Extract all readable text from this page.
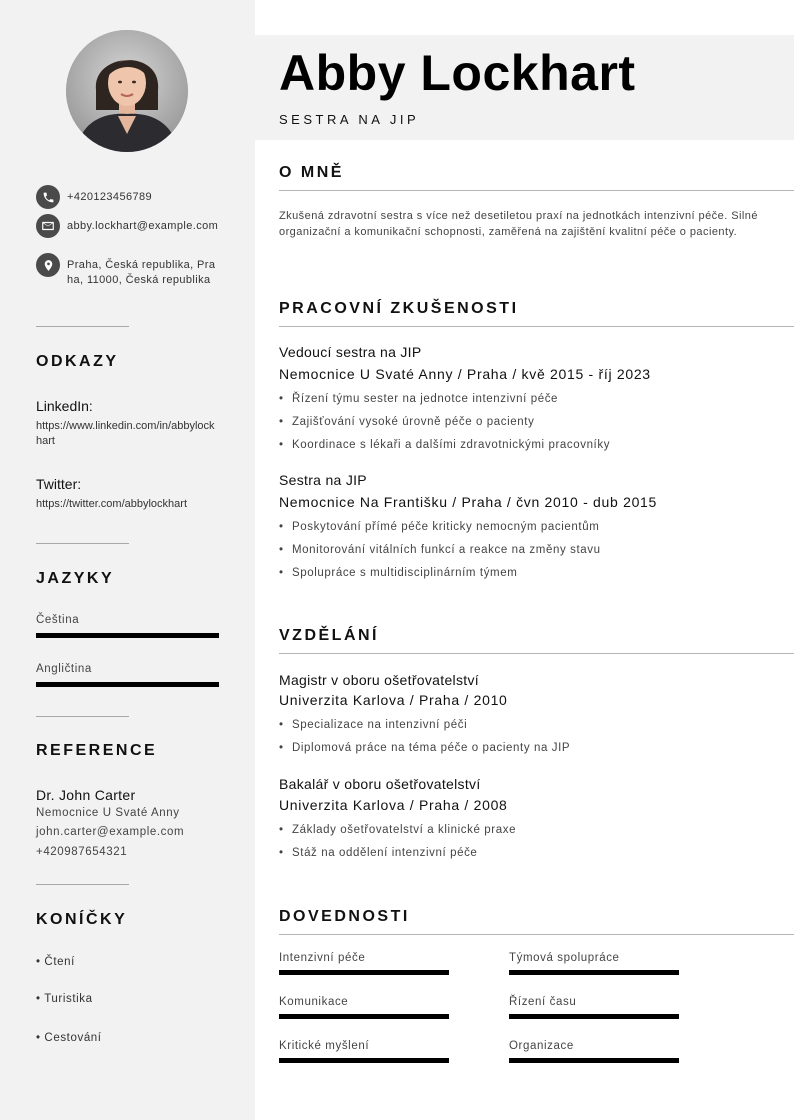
+420123456789
abby.lockhart@example.com
Praha, Česká republika, Praha, 11000, Česká republika
ODKAZY
LinkedIn:
https://www.linkedin.com/in/abbylockhart
Twitter:
https://twitter.com/abbylockhart
JAZYKY
Čeština
Angličtina
REFERENCE
Dr. John Carter
Nemocnice U Svaté Anny
john.carter@example.com
+420987654321
KONÍČKY
• Čtení
• Turistika
• Cestování
Abby Lockhart
SESTRA NA JIP
O MNĚ
Zkušená zdravotní sestra s více než desetiletou praxí na jednotkách intenzivní péče. Silné organizační a komunikační schopnosti, zaměřená na zajištění kvalitní péče o pacienty.
PRACOVNÍ ZKUŠENOSTI
Vedoucí sestra na JIP
Nemocnice U Svaté Anny / Praha / kvě 2015 - říj 2023
• Řízení týmu sester na jednotce intenzivní péče
• Zajišťování vysoké úrovně péče o pacienty
• Koordinace s lékaři a dalšími zdravotnickými pracovníky
Sestra na JIP
Nemocnice Na Františku / Praha / čvn 2010 - dub 2015
• Poskytování přímé péče kriticky nemocným pacientům
• Monitorování vitálních funkcí a reakce na změny stavu
• Spolupráce s multidisciplinárním týmem
VZDĚLÁNÍ
Magistr v oboru ošetřovatelství
Univerzita Karlova / Praha / 2010
• Specializace na intenzivní péči
• Diplomová práce na téma péče o pacienty na JIP
Bakalář v oboru ošetřovatelství
Univerzita Karlova / Praha / 2008
• Základy ošetřovatelství a klinické praxe
• Stáž na oddělení intenzivní péče
DOVEDNOSTI
Intenzivní péče	Týmová spolupráce
Komunikace	Řízení času
Kritické myšlení	Organizace
